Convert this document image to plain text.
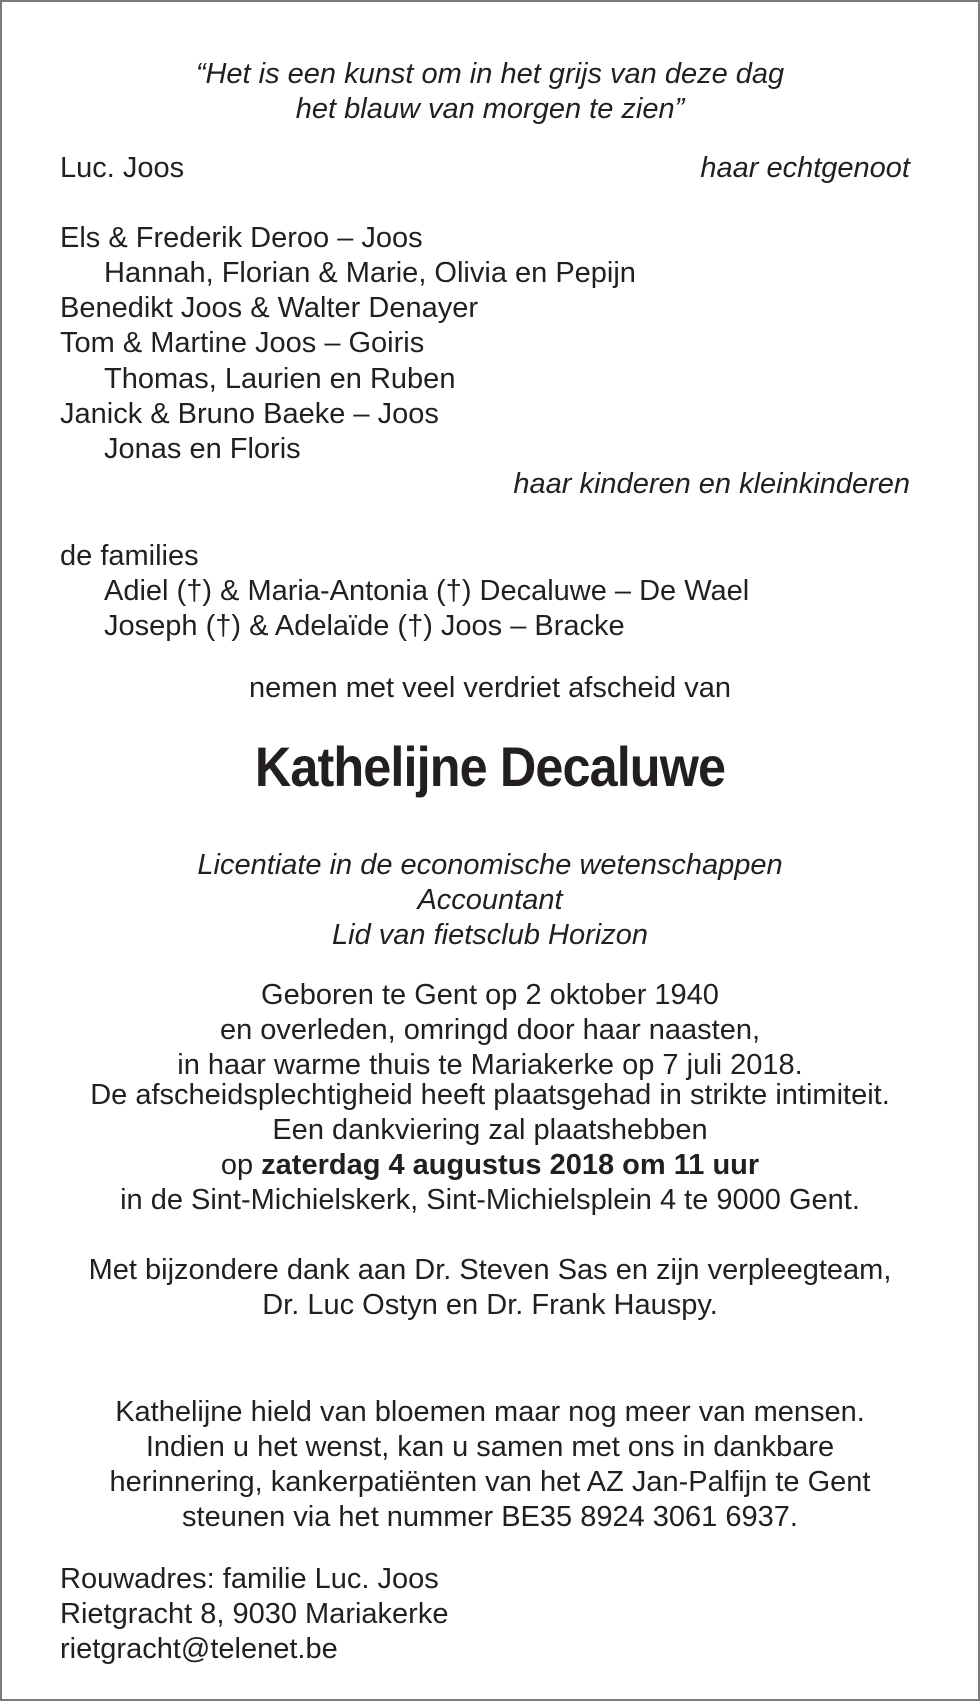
“Het is een kunst om in het grijs van deze dag
het blauw van morgen te zien”
Luc. Joos	haar echtgenoot
Els & Frederik Deroo – Joos
Hannah, Florian & Marie, Olivia en Pepijn
Benedikt Joos & Walter Denayer
Tom & Martine Joos – Goiris
Thomas, Laurien en Ruben
Janick & Bruno Baeke – Joos
Jonas en Floris
haar kinderen en kleinkinderen
de families
Adiel (†) & Maria-Antonia (†) Decaluwe – De Wael
Joseph (†) & Adelaïde (†) Joos – Bracke
nemen met veel verdriet afscheid van
Kathelijne Decaluwe
Licentiate in de economische wetenschappen
Accountant
Lid van fietsclub Horizon
Geboren te Gent op 2 oktober 1940
en overleden, omringd door haar naasten,
in haar warme thuis te Mariakerke op 7 juli 2018.
De afscheidsplechtigheid heeft plaatsgehad in strikte intimiteit.
Een dankviering zal plaatshebben
op zaterdag 4 augustus 2018 om 11 uur
in de Sint-Michielskerk, Sint-Michielsplein 4 te 9000 Gent.
Met bijzondere dank aan Dr. Steven Sas en zijn verpleegteam,
Dr. Luc Ostyn en Dr. Frank Hauspy.
Kathelijne hield van bloemen maar nog meer van mensen.
Indien u het wenst, kan u samen met ons in dankbare
herinnering, kankerpatiënten van het AZ Jan-Palfijn te Gent
steunen via het nummer BE35 8924 3061 6937.
Rouwadres: familie Luc. Joos
Rietgracht 8, 9030 Mariakerke
rietgracht@telenet.be
